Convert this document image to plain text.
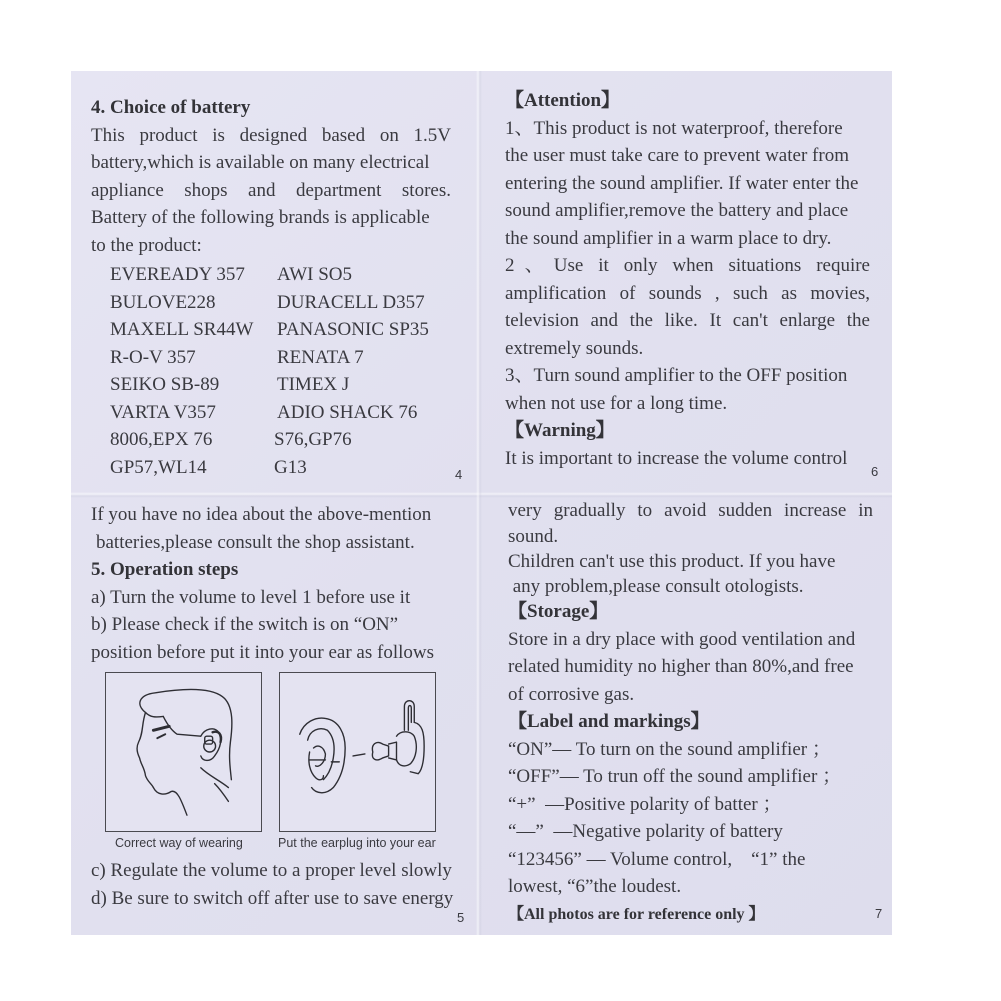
4. Choice of battery
This product is designed based on 1.5V
battery,which is available on many electrical
appliance shops and department stores.
Battery of the following brands is applicable
to the product:
EVEREADY 357	AWI SO5
BULOVE228	DURACELL D357
MAXELL SR44W	PANASONIC SP35
R-O-V 357	RENATA 7
SEIKO SB-89	TIMEX J
VARTA V357	ADIO SHACK 76
8006,EPX 76	S76,GP76
GP57,WL14	G13	4
If you have no idea about the above-mention
batteries,please consult the shop assistant.
5. Operation steps
a) Turn the volume to level 1 before use it
b) Please check if the switch is on “ON”
position before put it into your ear as follows
Correct way of wearing	Put the earplug into your ear
c) Regulate the volume to a proper level slowly
d) Be sure to switch off after use to save energy
5
【Attention】
1、This product is not waterproof, therefore
the user must take care to prevent water from
entering the sound amplifier. If water enter the
sound amplifier,remove the battery and place
the sound amplifier in a warm place to dry.
2、Use it only when situations require
amplification of sounds , such as movies,
television and the like. It can't enlarge the
extremely sounds.
3、Turn sound amplifier to the OFF position
when not use for a long time.
【Warning】
It is important to increase the volume control
6
very gradually to avoid sudden increase in
sound.
Children can't use this product. If you have
any problem,please consult otologists.
【Storage】
Store in a dry place with good ventilation and
related humidity no higher than 80%,and free
of corrosive gas.
【Label and markings】
“ON”— To turn on the sound amplifier ；
“OFF”— To trun off the sound amplifier ；
“+”  —Positive polarity of batter ；
“—”  —Negative polarity of battery
“123456” — Volume control,    “1” the
lowest, “6”the loudest.
【All photos are for reference only 】	7
